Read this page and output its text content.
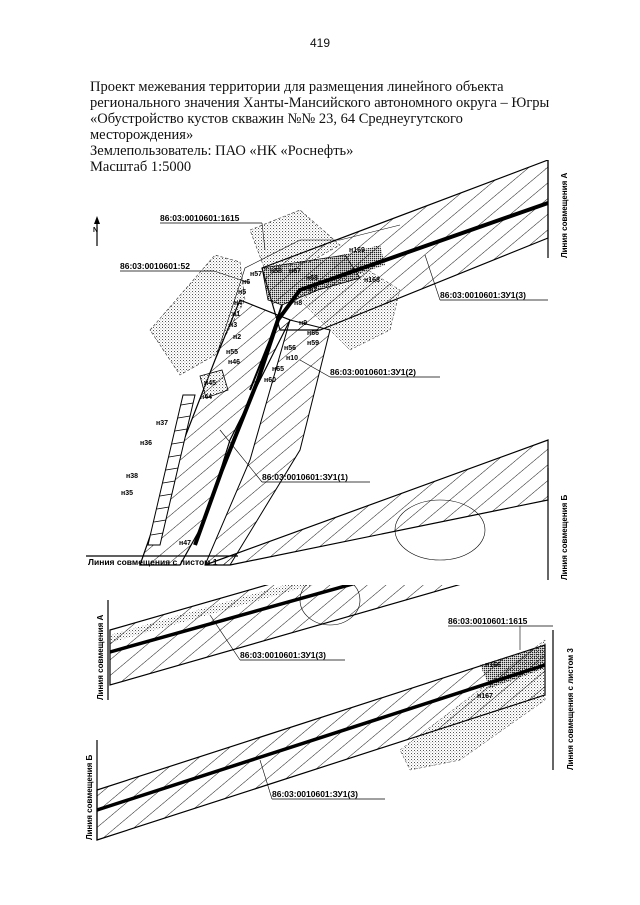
419
Проект межевания территории для размещения линейного объекта
регионального значения Ханты-Мансийского автономного округа – Югры
«Обустройство кустов скважин №№ 23, 64 Среднеугутского
месторождения»
Землепользователь: ПАО «НК «Роснефть»
Масштаб 1:5000
N
86:03:0010601:1615
86:03:0010601:52
86:03:0010601:ЗУ1(3)
86:03:0010601:ЗУ1(2)
86:03:0010601:ЗУ1(1)
н169
н168
н57 н58 н67
н68
н6
н7
н5
н4	н8
н1
н3	н9
н66
н2
н59
н56
н55
н10
н46
н65
н60
н45
н44
н37
н36
н38
н35
н47
Линия совмещения с листом 1
Линия совмещения А
Линия совмещения Б
Линия совмещения А	86:03:0010601:ЗУ1(3)
Линия совмещения Б
Линия совмещения с листом 3
86:03:0010601:1615
н166
н167
86:03:0010601:ЗУ1(3)
